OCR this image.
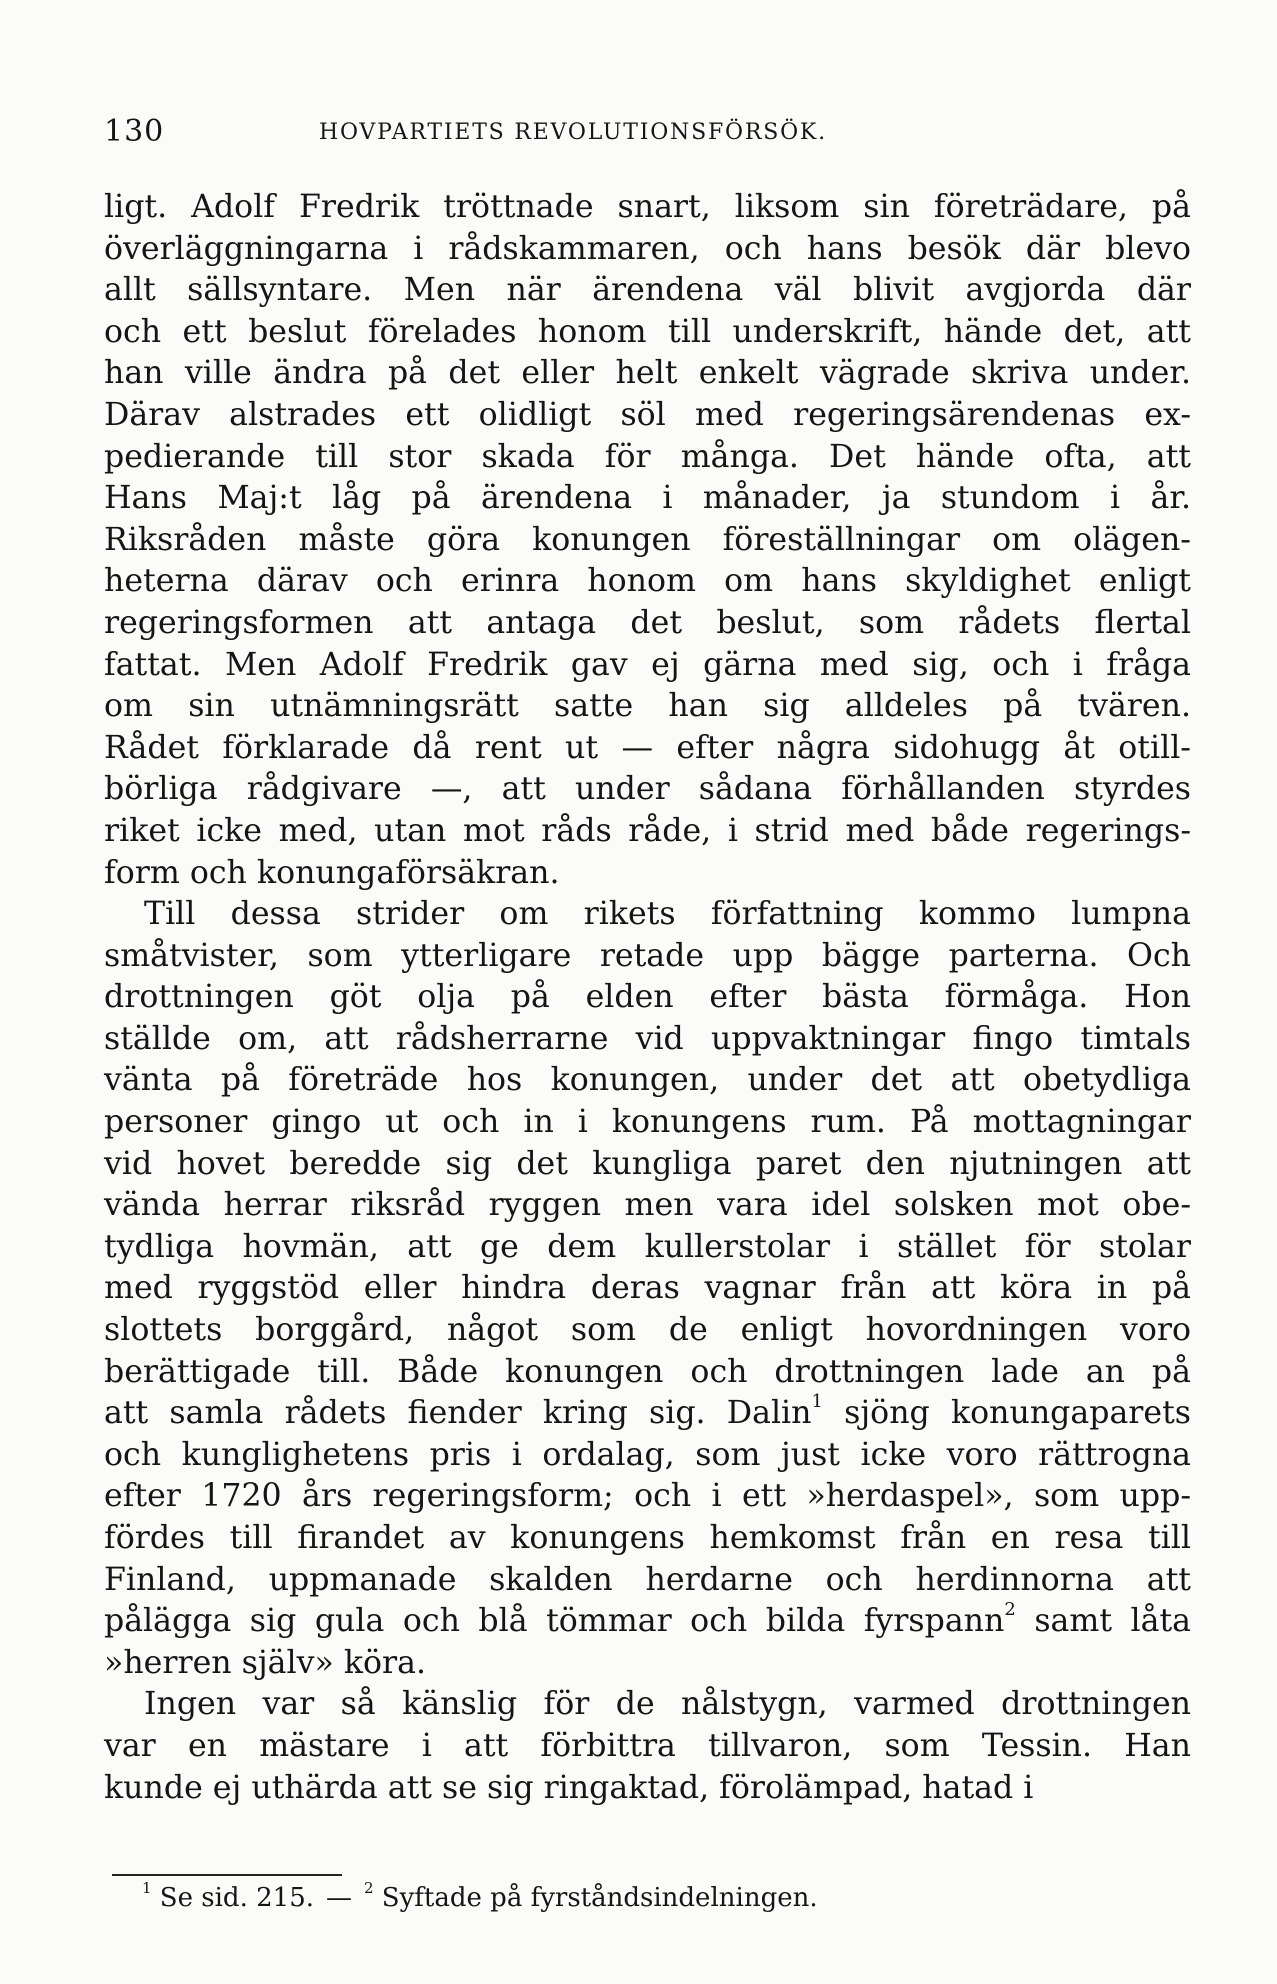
130	HOVPARTIETS REVOLUTIONSFÖRSÖK.
ligt. Adolf Fredrik tröttnade snart, liksom sin företrädare, på
överläggningarna i rådskammaren, och hans besök där blevo
allt sällsyntare. Men när ärendena väl blivit avgjorda där
och ett beslut förelades honom till underskrift, hände det, att
han ville ändra på det eller helt enkelt vägrade skriva under.
Därav alstrades ett olidligt söl med regeringsärendenas ex-
pedierande till stor skada för många. Det hände ofta, att
Hans Maj:t låg på ärendena i månader, ja stundom i år.
Riksråden måste göra konungen föreställningar om olägen-
heterna därav och erinra honom om hans skyldighet enligt
regeringsformen att antaga det beslut, som rådets flertal
fattat. Men Adolf Fredrik gav ej gärna med sig, och i fråga
om sin utnämningsrätt satte han sig alldeles på tvären.
Rådet förklarade då rent ut — efter några sidohugg åt otill-
börliga rådgivare —, att under sådana förhållanden styrdes
riket icke med, utan mot råds råde, i strid med både regerings-
form och konungaförsäkran.
Till dessa strider om rikets författning kommo lumpna
småtvister, som ytterligare retade upp bägge parterna. Och
drottningen göt olja på elden efter bästa förmåga. Hon
ställde om, att rådsherrarne vid uppvaktningar fingo timtals
vänta på företräde hos konungen, under det att obetydliga
personer gingo ut och in i konungens rum. På mottagningar
vid hovet beredde sig det kungliga paret den njutningen att
vända herrar riksråd ryggen men vara idel solsken mot obe-
tydliga hovmän, att ge dem kullerstolar i stället för stolar
med ryggstöd eller hindra deras vagnar från att köra in på
slottets borggård, något som de enligt hovordningen voro
berättigade till. Både konungen och drottningen lade an på
att samla rådets fiender kring sig. Dalin$^1$ sjöng konungaparets
och kunglighetens pris i ordalag, som just icke voro rättrogna
efter 1720 års regeringsform; och i ett »herdaspel», som upp-
fördes till firandet av konungens hemkomst från en resa till
Finland, uppmanade skalden herdarne och herdinnorna att
pålägga sig gula och blå tömmar och bilda fyrspann$^2$ samt låta
»herren själv» köra.
Ingen var så känslig för de nålstygn, varmed drottningen
var en mästare i att förbittra tillvaron, som Tessin. Han
kunde ej uthärda att se sig ringaktad, förolämpad, hatad i
$^1$ Se sid. 215. — $^2$ Syftade på fyrståndsindelningen.
